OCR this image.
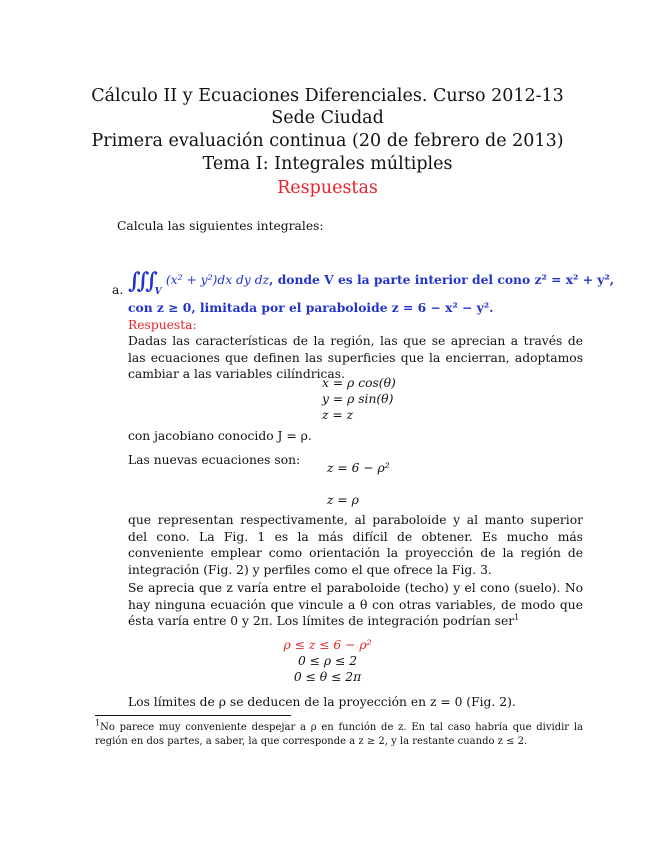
Cálculo II y Ecuaciones Diferenciales. Curso 2012-13
Sede Ciudad
Primera evaluación continua (20 de febrero de 2013)
Tema I: Integrales múltiples
Respuestas
Calcula las siguientes integrales:
a. $∭_V$ (x² + y²)dx dy dz, donde V es la parte interior del cono z² = x² + y²,
con z ≥ 0, limitada por el paraboloide z = 6 − x² − y².
Respuesta:
Dadas las características de la región, las que se aprecian a través de las ecuaciones que definen las superficies que la encierran, adoptamos cambiar a las variables cilíndricas.
x = ρ cos(θ)
y = ρ sin(θ)
z = z
con jacobiano conocido J = ρ.
Las nuevas ecuaciones son:
z = 6 − ρ²
z = ρ
que representan respectivamente, al paraboloide y al manto superior del cono. La Fig. 1 es la más difícil de obtener. Es mucho más conveniente emplear como orientación la proyección de la región de integración (Fig. 2) y perfiles como el que ofrece la Fig. 3.
Se aprecia que z varía entre el paraboloide (techo) y el cono (suelo). No hay ninguna ecuación que vincule a θ con otras variables, de modo que ésta varía entre 0 y 2π. Los límites de integración podrían ser$^1$
ρ ≤ z ≤ 6 − ρ²
0 ≤ ρ ≤ 2
0 ≤ θ ≤ 2π
Los límites de ρ se deducen de la proyección en z = 0 (Fig. 2).
$^1$No parece muy conveniente despejar a ρ en función de z. En tal caso habría que dividir la región en dos partes, a saber, la que corresponde a z ≥ 2, y la restante cuando z ≤ 2.
